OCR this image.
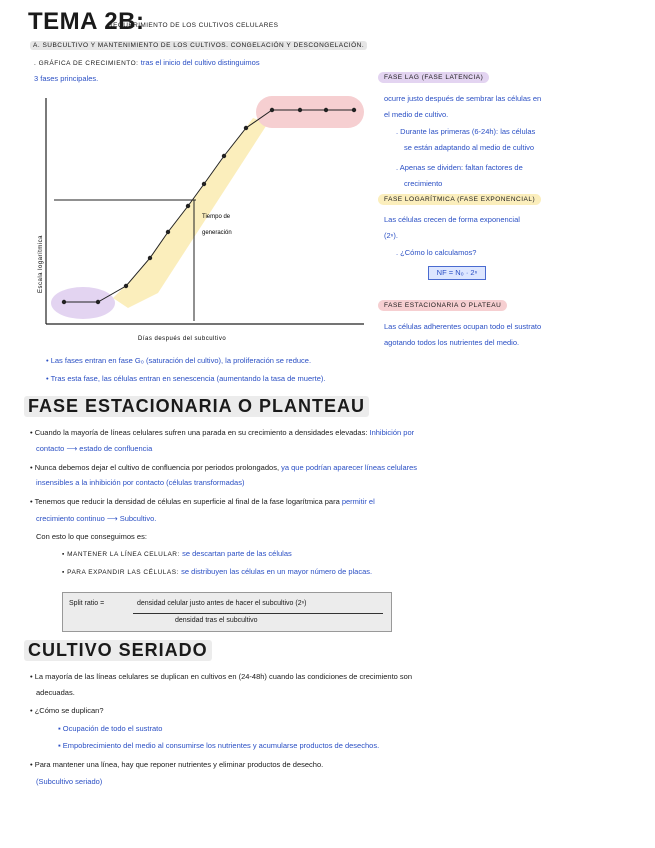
TEMA 2B:
REQUERIMIENTO DE LOS CULTIVOS CELULARES
A. SUBCULTIVO Y MANTENIMIENTO DE LOS CULTIVOS. CONGELACIÓN Y DESCONGELACIÓN.
. GRÁFICA DE CRECIMIENTO: tras el inicio del cultivo distinguimos
3 fases principales.
Escala logarítmica
Días después del subcultivo
Tiempo de
generación
FASE LAG (FASE LATENCIA)
ocurre justo después de sembrar las células en
el medio de cultivo.
. Durante las primeras (6-24h): las células
se están adaptando al medio de cultivo
. Apenas se dividen: faltan factores de
crecimiento
FASE LOGARÍTMICA (FASE EXPONENCIAL)
Las células crecen de forma exponencial
(2ⁿ).
. ¿Cómo lo calculamos?
NF = N₀ · 2ⁿ
FASE ESTACIONARIA O PLATEAU
Las células adherentes ocupan todo el sustrato
agotando todos los nutrientes del medio.
• Las fases entran en fase G₀ (saturación del cultivo), la proliferación se reduce.
• Tras esta fase, las células entran en senescencia (aumentando la tasa de muerte).
FASE ESTACIONARIA O PLANTEAU
• Cuando la mayoría de líneas celulares sufren una parada en su crecimiento a densidades elevadas: Inhibición por
contacto ⟶ estado de confluencia
• Nunca debemos dejar el cultivo de confluencia por periodos prolongados, ya que podrían aparecer líneas celulares
insensibles a la inhibición por contacto (células transformadas)
• Tenemos que reducir la densidad de células en superficie al final de la fase logarítmica para permitir el
crecimiento continuo ⟶ Subcultivo.
Con esto lo que conseguimos es:
▪ MANTENER LA LÍNEA CELULAR: se descartan parte de las células
▪ PARA EXPANDIR LAS CÉLULAS: se distribuyen las células en un mayor número de placas.
Split ratio =	densidad celular justo antes de hacer el subcultivo (2ⁿ)
densidad tras el subcultivo
CULTIVO SERIADO
• La mayoría de las líneas celulares se duplican en cultivos en (24-48h) cuando las condiciones de crecimiento son
adecuadas.
• ¿Cómo se duplican?
▪ Ocupación de todo el sustrato
▪ Empobrecimiento del medio al consumirse los nutrientes y acumularse productos de desechos.
• Para mantener una línea, hay que reponer nutrientes y eliminar productos de desecho.
(Subcultivo seriado)
